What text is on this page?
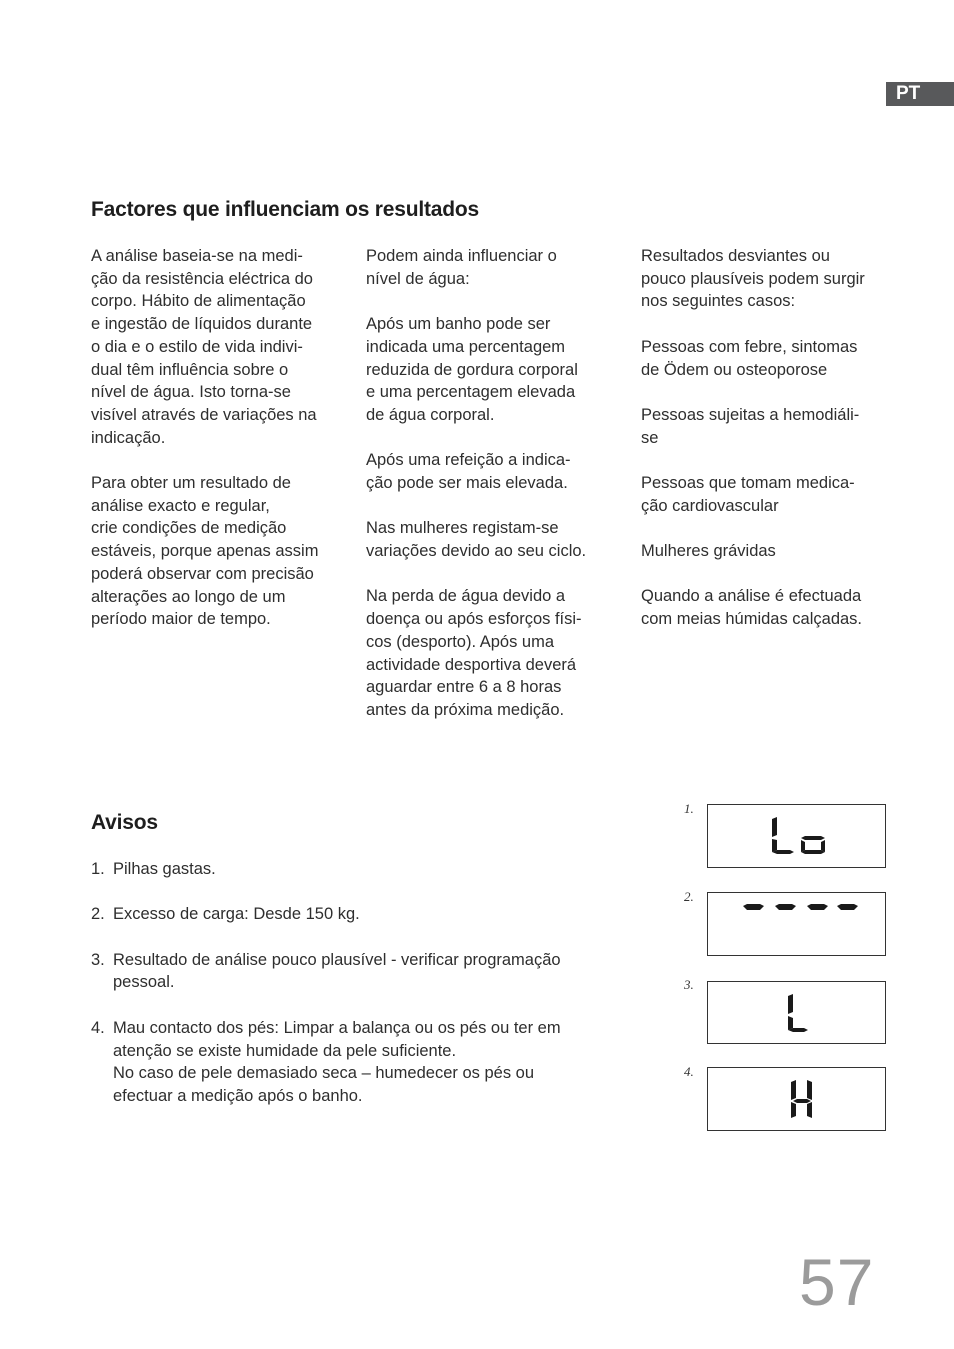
PT
Factores que influenciam os resultados

A análise baseia-se na medi-
ção da resistência eléctrica do
corpo. Hábito de alimentação
e ingestão de líquidos durante
o dia e o estilo de vida indivi-
dual têm influência sobre o
nível de água. Isto torna-se
visível através de variações na
indicação.

Para obter um resultado de
análise exacto e regular,
crie condições de medição
estáveis, porque apenas assim
poderá observar com precisão
alterações ao longo de um
período maior de tempo.

Podem ainda influenciar o
nível de água:

Após um banho pode ser
indicada uma percentagem
reduzida de gordura corporal
e uma percentagem elevada
de água corporal.

Após uma refeição a indica-
ção pode ser mais elevada.

Nas mulheres registam-se
variações devido ao seu ciclo.

Na perda de água devido a
doença ou após esforços físi-
cos (desporto). Após uma
actividade desportiva deverá
aguardar entre 6 a 8 horas
antes da próxima medição.

Resultados desviantes ou
pouco plausíveis podem surgir
nos seguintes casos:

Pessoas com febre, sintomas
de Ödem ou osteoporose

Pessoas sujeitas a hemodiáli-
se

Pessoas que tomam medica-
ção cardiovascular

Mulheres grávidas

Quando a análise é efectuada
com meias húmidas calçadas.

Avisos
1. Pilhas gastas.
2. Excesso de carga: Desde 150 kg.
3. Resultado de análise pouco plausível - verificar programação
pessoal.
4. Mau contacto dos pés: Limpar a balança ou os pés ou ter em
atenção se existe humidade da pele suficiente.
No caso de pele demasiado seca – humedecer os pés ou
efectuar a medição após o banho.
1.
2.
3.
4.
57
